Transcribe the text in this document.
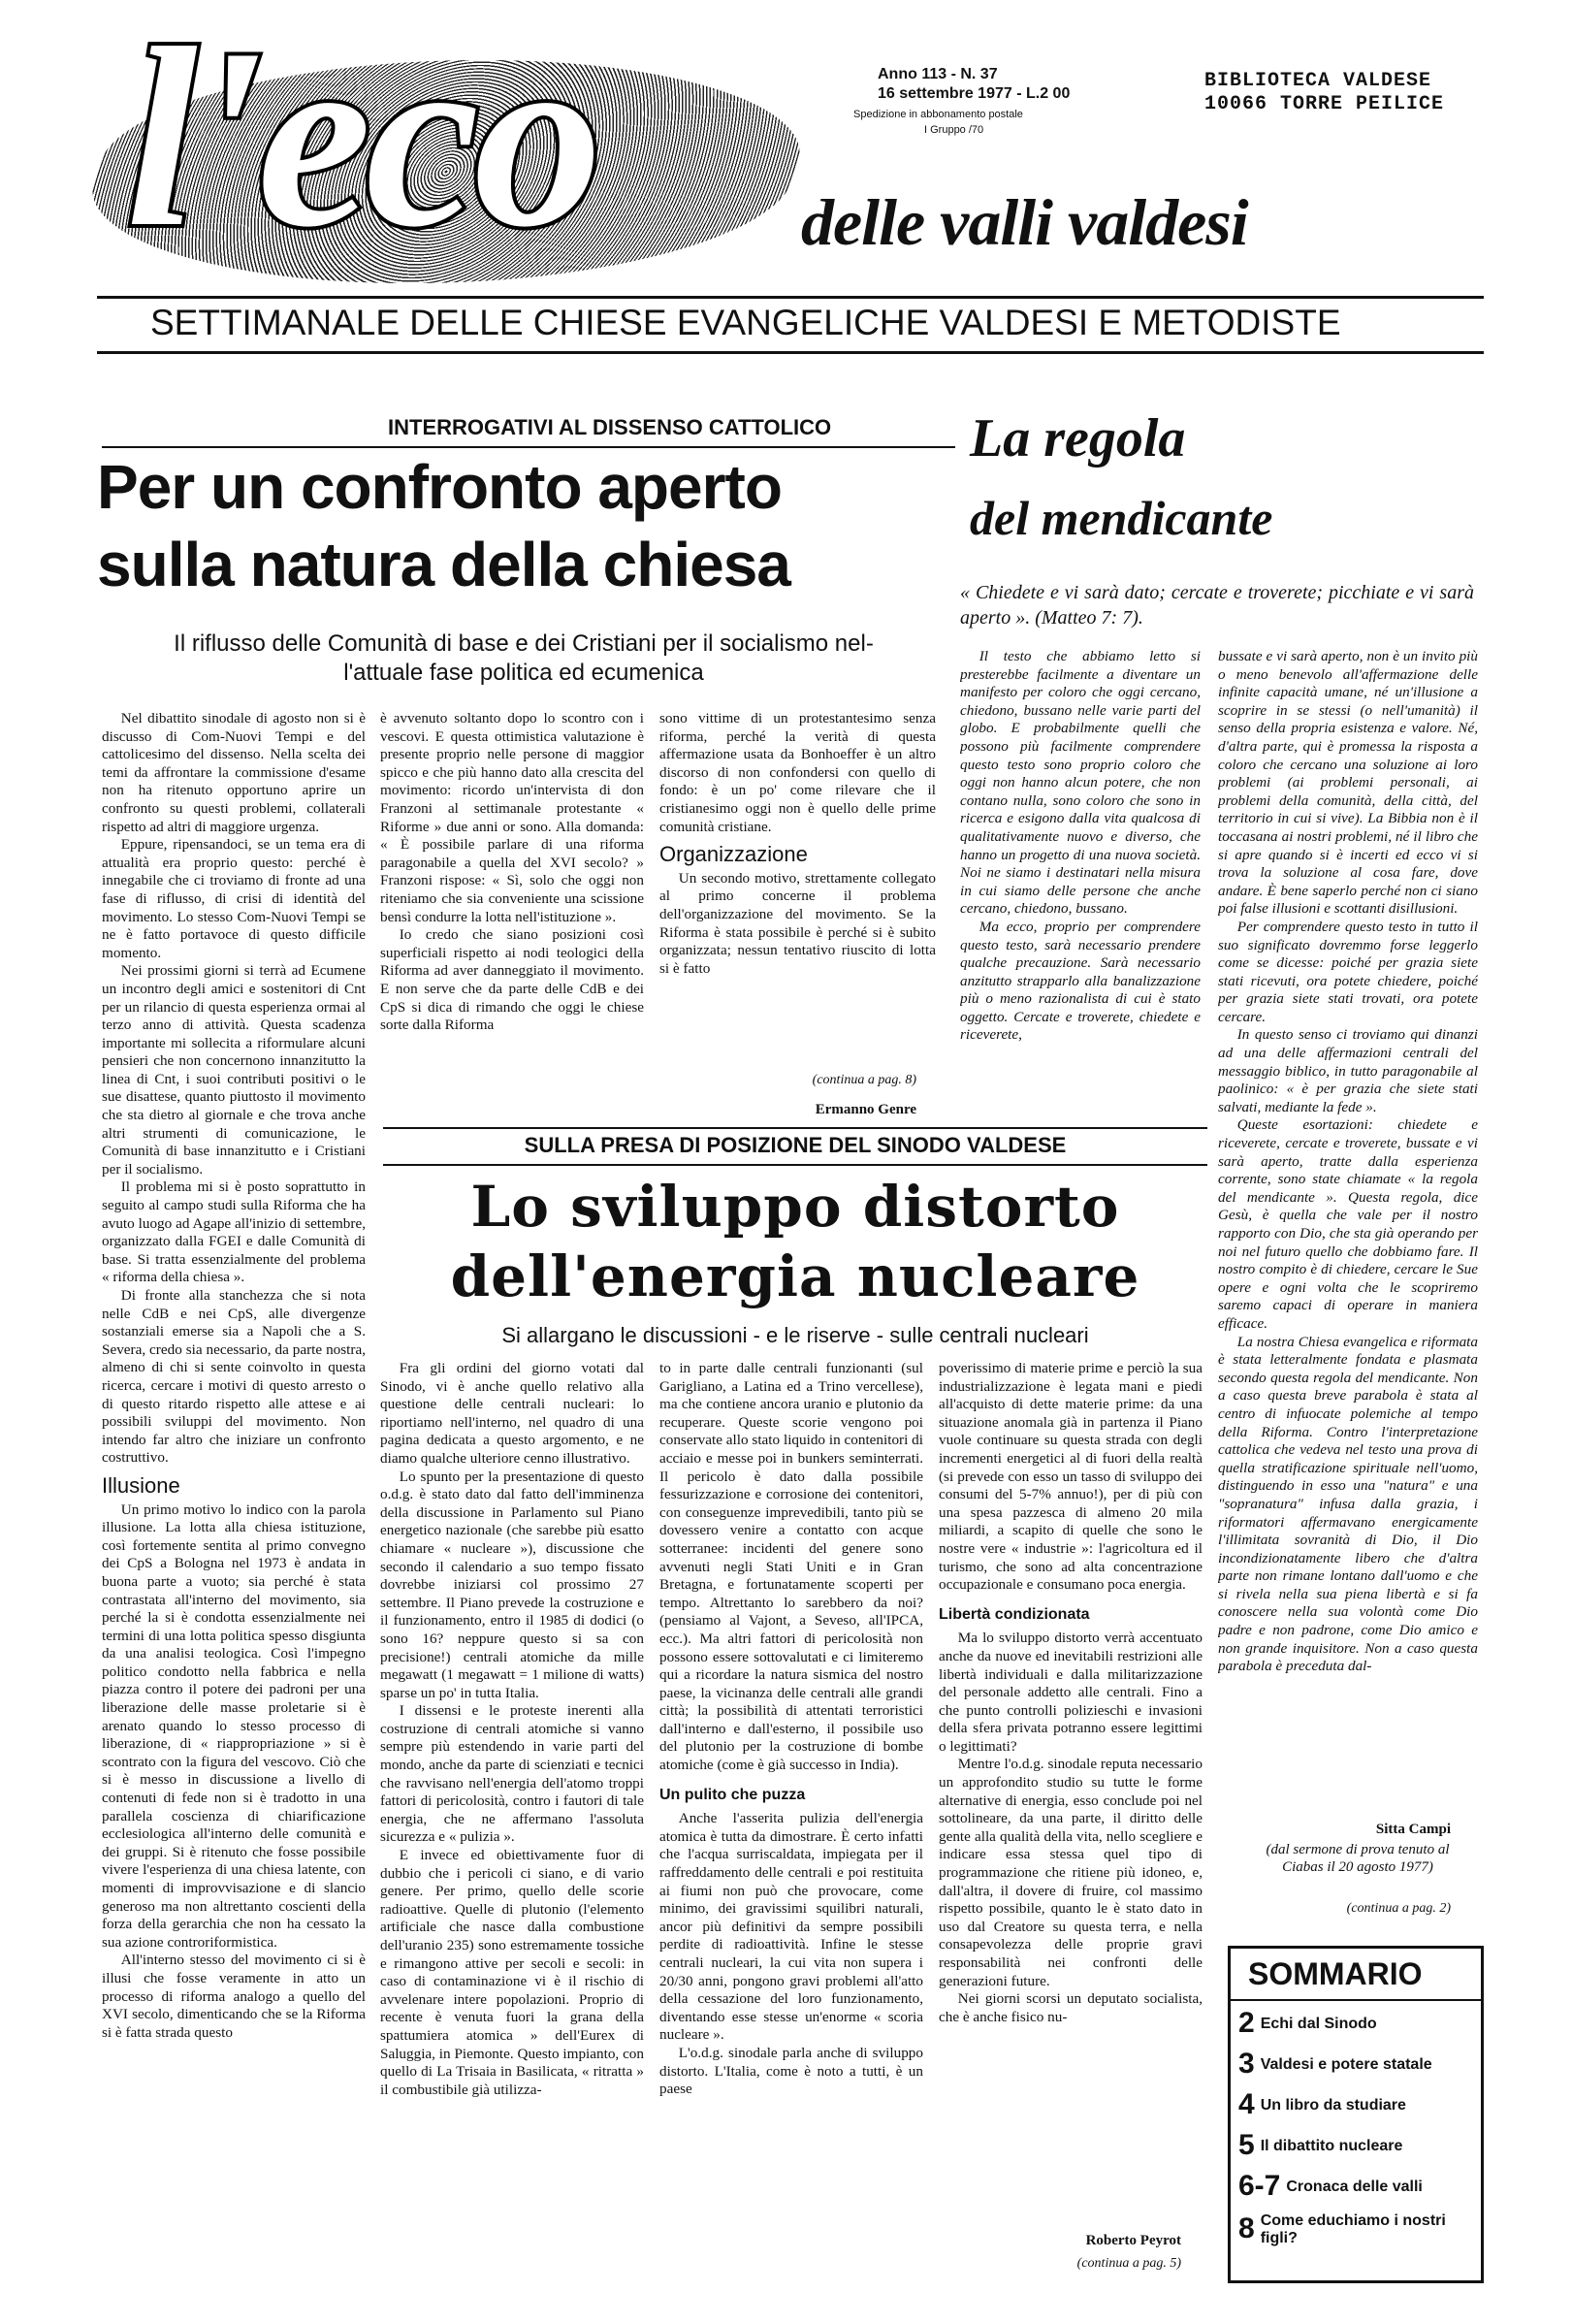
l'eco	Anno 113 - N. 37
16 settembre 1977 - L.2 00
Spedizione in abbonamento postale
I Gruppo /70
BIBLIOTECA VALDESE
10066 TORRE PEILICE
delle valli valdesi
SETTIMANALE DELLE CHIESE EVANGELICHE VALDESI E METODISTE
INTERROGATIVI AL DISSENSO CATTOLICO
Per un confronto aperto
sulla natura della chiesa
Il riflusso delle Comunità di base e dei Cristiani per il socialismo nel-
l'attuale fase politica ed ecumenica

Nel dibattito sinodale di agosto non si è discusso di Com-Nuovi Tempi e del cattolicesimo del dissenso. Nella scelta dei temi da affrontare la commissione d'esame non ha ritenuto opportuno aprire un confronto su questi problemi, collaterali rispetto ad altri di maggiore urgenza.

Eppure, ripensandoci, se un tema era di attualità era proprio questo: perché è innegabile che ci troviamo di fronte ad una fase di riflusso, di crisi di identità del movimento. Lo stesso Com-Nuovi Tempi se ne è fatto portavoce di questo difficile momento.

Nei prossimi giorni si terrà ad Ecumene un incontro degli amici e sostenitori di Cnt per un rilancio di questa esperienza ormai al terzo anno di attività. Questa scadenza importante mi sollecita a riformulare alcuni pensieri che non concernono innanzitutto la linea di Cnt, i suoi contributi positivi o le sue disattese, quanto piuttosto il movimento che sta dietro al giornale e che trova anche altri strumenti di comunicazione, le Comunità di base innanzitutto e i Cristiani per il socialismo.

Il problema mi si è posto soprattutto in seguito al campo studi sulla Riforma che ha avuto luogo ad Agape all'inizio di settembre, organizzato dalla FGEI e dalle Comunità di base. Si tratta essenzialmente del problema « riforma della chiesa ».

Di fronte alla stanchezza che si nota nelle CdB e nei CpS, alle divergenze sostanziali emerse sia a Napoli che a S. Severa, credo sia necessario, da parte nostra, almeno di chi si sente coinvolto in questa ricerca, cercare i motivi di questo arresto o di questo ritardo rispetto alle attese e ai possibili sviluppi del movimento. Non intendo far altro che iniziare un confronto costruttivo.

Illusione

Un primo motivo lo indico con la parola illusione. La lotta alla chiesa istituzione, così fortemente sentita al primo convegno dei CpS a Bologna nel 1973 è andata in buona parte a vuoto; sia perché è stata contrastata all'interno del movimento, sia perché la si è condotta essenzialmente nei termini di una lotta politica spesso disgiunta da una analisi teologica. Così l'impegno politico condotto nella fabbrica e nella piazza contro il potere dei padroni per una liberazione delle masse proletarie si è arenato quando lo stesso processo di liberazione, di « riappropriazione » si è scontrato con la figura del vescovo. Ciò che si è messo in discussione a livello di contenuti di fede non si è tradotto in una parallela coscienza di chiarificazione ecclesiologica all'interno delle comunità e dei gruppi. Si è ritenuto che fosse possibile vivere l'esperienza di una chiesa latente, con momenti di improvvisazione e di slancio generoso ma non altrettanto coscienti della forza della gerarchia che non ha cessato la sua azione controriformistica.

All'interno stesso del movimento ci si è illusi che fosse veramente in atto un processo di riforma analogo a quello del XVI secolo, dimenticando che se la Riforma si è fatta strada questo

è avvenuto soltanto dopo lo scontro con i vescovi. E questa ottimistica valutazione è presente proprio nelle persone di maggior spicco e che più hanno dato alla crescita del movimento: ricordo un'intervista di don Franzoni al settimanale protestante « Riforme » due anni or sono. Alla domanda: « È possibile parlare di una riforma paragonabile a quella del XVI secolo? » Franzoni rispose: « Sì, solo che oggi non riteniamo che sia conveniente una scissione bensì condurre la lotta nell'istituzione ».

Io credo che siano posizioni così superficiali rispetto ai nodi teologici della Riforma ad aver danneggiato il movimento. E non serve che da parte delle CdB e dei CpS si dica di rimando che oggi le chiese sorte dalla Riforma

sono vittime di un protestantesimo senza riforma, perché la verità di questa affermazione usata da Bonhoeffer è un altro discorso di non confondersi con quello di fondo: è un po' come rilevare che il cristianesimo oggi non è quello delle prime comunità cristiane.

Organizzazione

Un secondo motivo, strettamente collegato al primo concerne il problema dell'organizzazione del movimento. Se la Riforma è stata possibile è perché si è subito organizzata; nessun tentativo riuscito di lotta si è fatto

(continua a pag. 8)
Ermanno Genre
La regola
del mendicante
« Chiedete e vi sarà dato; cercate e troverete; picchiate e vi sarà aperto ». (Matteo 7: 7).

Il testo che abbiamo letto si presterebbe facilmente a diventare un manifesto per coloro che oggi cercano, chiedono, bussano nelle varie parti del globo. E probabilmente quelli che possono più facilmente comprendere questo testo sono proprio coloro che oggi non hanno alcun potere, che non contano nulla, sono coloro che sono in ricerca e esigono dalla vita qualcosa di qualitativamente nuovo e diverso, che hanno un progetto di una nuova società. Noi ne siamo i destinatari nella misura in cui siamo delle persone che anche cercano, chiedono, bussano.

Ma ecco, proprio per comprendere questo testo, sarà necessario prendere qualche precauzione. Sarà necessario anzitutto strapparlo alla banalizzazione più o meno razionalista di cui è stato oggetto. Cercate e troverete, chiedete e riceverete,

bussate e vi sarà aperto, non è un invito più o meno benevolo all'affermazione delle infinite capacità umane, né un'illusione a scoprire in se stessi (o nell'umanità) il senso della propria esistenza e valore. Né, d'altra parte, qui è promessa la risposta a coloro che cercano una soluzione ai loro problemi (ai problemi personali, ai problemi della comunità, della città, del territorio in cui si vive). La Bibbia non è il toccasana ai nostri problemi, né il libro che si apre quando si è incerti ed ecco vi si trova la soluzione al cosa fare, dove andare. È bene saperlo perché non ci siano poi false illusioni e scottanti disillusioni.

Per comprendere questo testo in tutto il suo significato dovremmo forse leggerlo come se dicesse: poiché per grazia siete stati ricevuti, ora potete chiedere, poiché per grazia siete stati trovati, ora potete cercare.

In questo senso ci troviamo qui dinanzi ad una delle affermazioni centrali del messaggio biblico, in tutto paragonabile al paolinico: « è per grazia che siete stati salvati, mediante la fede ».

Queste esortazioni: chiedete e riceverete, cercate e troverete, bussate e vi sarà aperto, tratte dalla esperienza corrente, sono state chiamate « la regola del mendicante ». Questa regola, dice Gesù, è quella che vale per il nostro rapporto con Dio, che sta già operando per noi nel futuro quello che dobbiamo fare. Il nostro compito è di chiedere, cercare le Sue opere e ogni volta che le scopriremo saremo capaci di operare in maniera efficace.

La nostra Chiesa evangelica e riformata è stata letteralmente fondata e plasmata secondo questa regola del mendicante. Non a caso questa breve parabola è stata al centro di infuocate polemiche al tempo della Riforma. Contro l'interpretazione cattolica che vedeva nel testo una prova di quella stratificazione spirituale nell'uomo, distinguendo in esso una "natura" e una "sopranatura" infusa dalla grazia, i riformatori affermavano energicamente l'illimitata sovranità di Dio, il Dio incondizionatamente libero che d'altra parte non rimane lontano dall'uomo e che si rivela nella sua piena libertà e si fa conoscere nella sua volontà come Dio padre e non padrone, come Dio amico e non grande inquisitore. Non a caso questa parabola è preceduta dal-

Sitta Campi
(dal sermone di prova tenuto al Ciabas il 20 agosto 1977)
(continua a pag. 2)
SULLA PRESA DI POSIZIONE DEL SINODO VALDESE
Lo sviluppo distorto
dell'energia nucleare
Si allargano le discussioni - e le riserve - sulle centrali nucleari

Fra gli ordini del giorno votati dal Sinodo, vi è anche quello relativo alla questione delle centrali nucleari: lo riportiamo nell'interno, nel quadro di una pagina dedicata a questo argomento, e ne diamo qualche ulteriore cenno illustrativo.

Lo spunto per la presentazione di questo o.d.g. è stato dato dal fatto dell'imminenza della discussione in Parlamento sul Piano energetico nazionale (che sarebbe più esatto chiamare « nucleare »), discussione che secondo il calendario a suo tempo fissato dovrebbe iniziarsi col prossimo 27 settembre. Il Piano prevede la costruzione e il funzionamento, entro il 1985 di dodici (o sono 16? neppure questo si sa con precisione!) centrali atomiche da mille megawatt (1 megawatt = 1 milione di watts) sparse un po' in tutta Italia.

I dissensi e le proteste inerenti alla costruzione di centrali atomiche si vanno sempre più estendendo in varie parti del mondo, anche da parte di scienziati e tecnici che ravvisano nell'energia dell'atomo troppi fattori di pericolosità, contro i fautori di tale energia, che ne affermano l'assoluta sicurezza e « pulizia ».

E invece ed obiettivamente fuor di dubbio che i pericoli ci siano, e di vario genere. Per primo, quello delle scorie radioattive. Quelle di plutonio (l'elemento artificiale che nasce dalla combustione dell'uranio 235) sono estremamente tossiche e rimangono attive per secoli e secoli: in caso di contaminazione vi è il rischio di avvelenare intere popolazioni. Proprio di recente è venuta fuori la grana della spattumiera atomica » dell'Eurex di Saluggia, in Piemonte. Questo impianto, con quello di La Trisaia in Basilicata, « ritratta » il combustibile già utilizza-

to in parte dalle centrali funzionanti (sul Garigliano, a Latina ed a Trino vercellese), ma che contiene ancora uranio e plutonio da recuperare. Queste scorie vengono poi conservate allo stato liquido in contenitori di acciaio e messe poi in bunkers seminterrati. Il pericolo è dato dalla possibile fessurizzazione e corrosione dei contenitori, con conseguenze imprevedibili, tanto più se dovessero venire a contatto con acque sotterranee: incidenti del genere sono avvenuti negli Stati Uniti e in Gran Bretagna, e fortunatamente scoperti per tempo. Altrettanto lo sarebbero da noi? (pensiamo al Vajont, a Seveso, all'IPCA, ecc.). Ma altri fattori di pericolosità non possono essere sottovalutati e ci limiteremo qui a ricordare la natura sismica del nostro paese, la vicinanza delle centrali alle grandi città; la possibilità di attentati terroristici dall'interno e dall'esterno, il possibile uso del plutonio per la costruzione di bombe atomiche (come è già successo in India).

Un pulito che puzza

Anche l'asserita pulizia dell'energia atomica è tutta da dimostrare. È certo infatti che l'acqua surriscaldata, impiegata per il raffreddamento delle centrali e poi restituita ai fiumi non può che provocare, come minimo, dei gravissimi squilibri naturali, ancor più definitivi da sempre possibili perdite di radioattività. Infine le stesse centrali nucleari, la cui vita non supera i 20/30 anni, pongono gravi problemi all'atto della cessazione del loro funzionamento, diventando esse stesse un'enorme « scoria nucleare ».

L'o.d.g. sinodale parla anche di sviluppo distorto. L'Italia, come è noto a tutti, è un paese

poverissimo di materie prime e perciò la sua industrializzazione è legata mani e piedi all'acquisto di dette materie prime: da una situazione anomala già in partenza il Piano vuole continuare su questa strada con degli incrementi energetici al di fuori della realtà (si prevede con esso un tasso di sviluppo dei consumi del 5-7% annuo!), per di più con una spesa pazzesca di almeno 20 mila miliardi, a scapito di quelle che sono le nostre vere « industrie »: l'agricoltura ed il turismo, che sono ad alta concentrazione occupazionale e consumano poca energia.

Libertà condizionata

Ma lo sviluppo distorto verrà accentuato anche da nuove ed inevitabili restrizioni alle libertà individuali e dalla militarizzazione del personale addetto alle centrali. Fino a che punto controlli polizieschi e invasioni della sfera privata potranno essere legittimi o legittimati?

Mentre l'o.d.g. sinodale reputa necessario un approfondito studio su tutte le forme alternative di energia, esso conclude poi nel sottolineare, da una parte, il diritto delle gente alla qualità della vita, nello scegliere e indicare essa stessa quel tipo di programmazione che ritiene più idoneo, e, dall'altra, il dovere di fruire, col massimo rispetto possibile, quanto le è stato dato in uso dal Creatore su questa terra, e nella consapevolezza delle proprie gravi responsabilità nei confronti delle generazioni future.

Nei giorni scorsi un deputato socialista, che è anche fisico nu-

Roberto Peyrot
(continua a pag. 5)
SOMMARIO
2 Echi dal Sinodo
3 Valdesi e potere statale
4 Un libro da studiare
5 Il dibattito nucleare
6-7 Cronaca delle valli
8 Come educhiamo i nostri figli?
